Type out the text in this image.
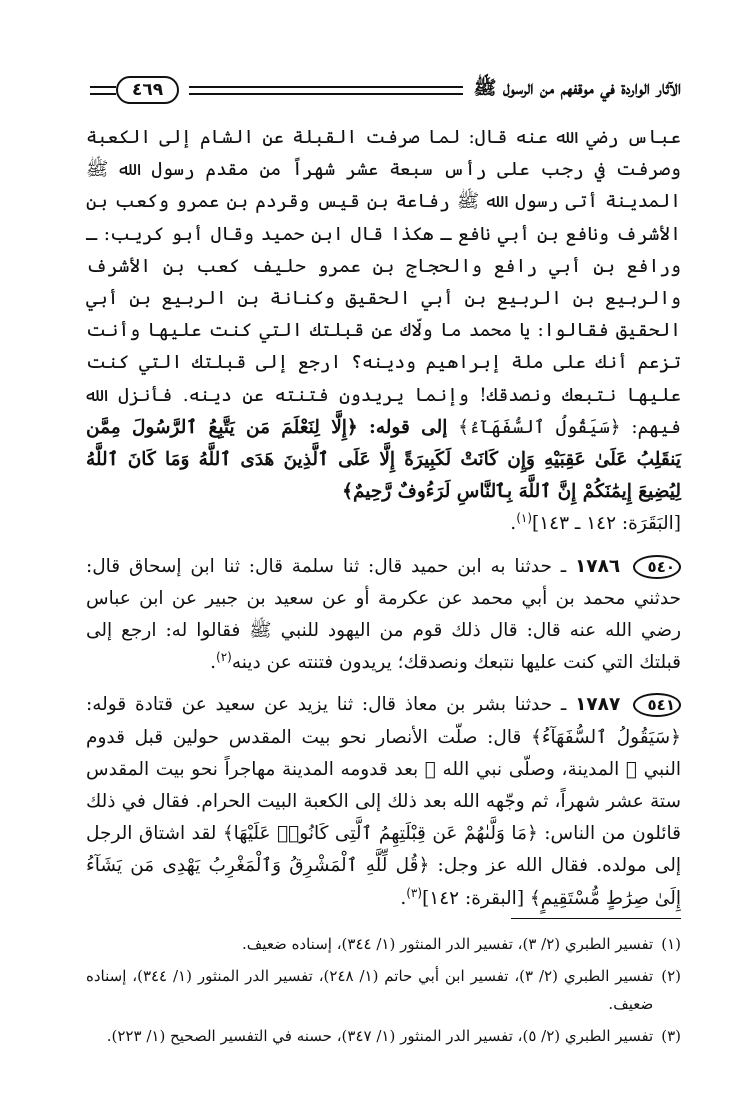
الآثار الواردة في موقفهم من الرسول ﷺ
٤٦٩

عباس رضي الله عنه قال: لما صرفت القبلة عن الشام إلى الكعبة وصرفت في رجب على رأس سبعة عشر شهراً من مقدم رسول الله ﷺ المدينة أتى رسول الله ﷺ رفاعة بن قيس وقردم بن عمرو وكعب بن الأشرف ونافع بن أبي نافع ـ هكذا قال ابن حميد وقال أبو كريب: ـ ورافع بن أبي رافع والحجاج بن عمرو حليف كعب بن الأشرف والربيع بن الربيع بن أبي الحقيق وكنانة بن الربيع بن أبي الحقيق فقالوا: يا محمد ما ولّاك عن قبلتك التي كنت عليها وأنت تزعم أنك على ملة إبراهيم ودينه؟ ارجع إلى قبلتك التي كنت عليها نتبعك ونصدقك! وإنما يريدون فتنته عن دينه. فأنزل الله فيهم: ﴿سَيَقُولُ ٱلسُّفَهَآءُ﴾ إلى قوله: ﴿إِلَّا لِنَعْلَمَ مَن يَتَّبِعُ ٱلرَّسُولَ مِمَّن يَنقَلِبُ عَلَىٰ عَقِبَيْهِ وَإِن كَانَتْ لَكَبِيرَةً إِلَّا عَلَى ٱلَّذِينَ هَدَى ٱللَّهُ وَمَا كَانَ ٱللَّهُ لِيُضِيعَ إِيمَٰنَكُمْ إِنَّ ٱللَّهَ بِٱلنَّاسِ لَرَءُوفٌ رَّحِيمٌ﴾
[البَقَرَة: ١٤٢ ـ ١٤٣]$^{(١)}$.

٥٤٠ ١٧٨٦ ـ حدثنا به ابن حميد قال: ثنا سلمة قال: ثنا ابن إسحاق قال: حدثني محمد بن أبي محمد عن عكرمة أو عن سعيد بن جبير عن ابن عباس رضي الله عنه قال: قال ذلك قوم من اليهود للنبي ﷺ فقالوا له: ارجع إلى قبلتك التي كنت عليها نتبعك ونصدقك؛ يريدون فتنته عن دينه$^{(٢)}$.

٥٤١ ١٧٨٧ ـ حدثنا بشر بن معاذ قال: ثنا يزيد عن سعيد عن قتادة قوله: ﴿سَيَقُولُ ٱلسُّفَهَآءُ﴾ قال: صلّت الأنصار نحو بيت المقدس حولين قبل قدوم النبي ﷺ المدينة، وصلّى نبي الله ﷺ بعد قدومه المدينة مهاجراً نحو بيت المقدس ستة عشر شهراً، ثم وجّهه الله بعد ذلك إلى الكعبة البيت الحرام. فقال في ذلك قائلون من الناس: ﴿مَا وَلَّىٰهُمْ عَن قِبْلَتِهِمُ ٱلَّتِى كَانُوا۟ عَلَيْهَا﴾ لقد اشتاق الرجل إلى مولده. فقال الله عز وجل: ﴿قُل لِّلَّهِ ٱلْمَشْرِقُ وَٱلْمَغْرِبُ يَهْدِى مَن يَشَآءُ إِلَىٰ صِرَٰطٍ مُّسْتَقِيمٍ﴾ [البقرة: ١٤٢]$^{(٣)}$.

(١)
تفسير الطبري (٢/ ٣)، تفسير الدر المنثور (١/ ٣٤٤)، إسناده ضعيف.
(٢)
تفسير الطبري (٢/ ٣)، تفسير ابن أبي حاتم (١/ ٢٤٨)، تفسير الدر المنثور (١/ ٣٤٤)، إسناده ضعيف.
(٣)
تفسير الطبري (٢/ ٥)، تفسير الدر المنثور (١/ ٣٤٧)، حسنه في التفسير الصحيح (١/ ٢٢٣).
